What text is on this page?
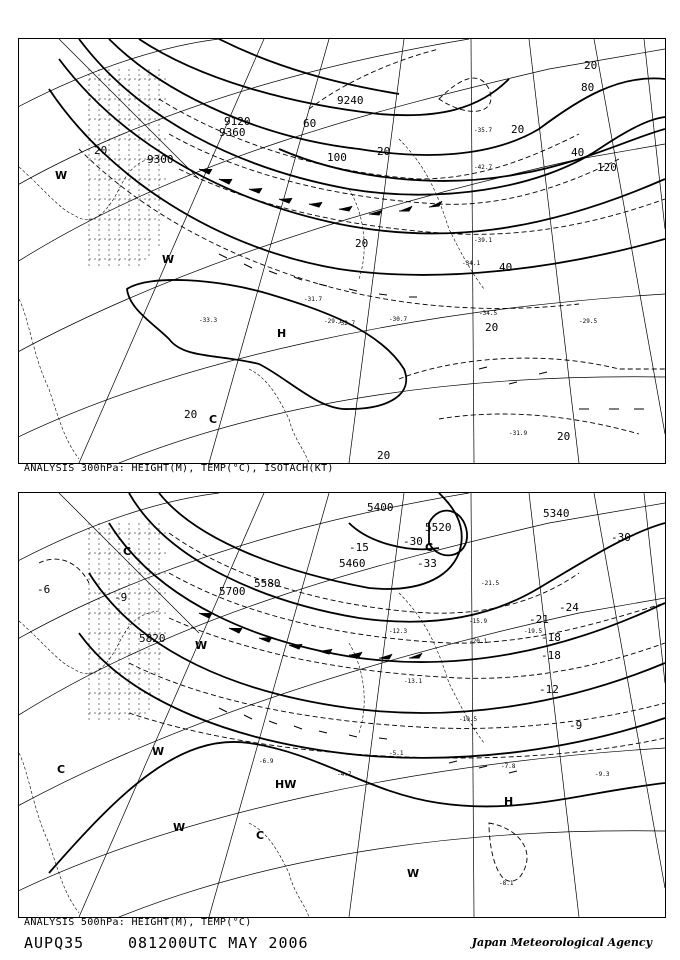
9120
9300
9360
9240
20
20
20
20
20
20
20
20
20
40
40
60
80
100
120
H
W
W
C
-33.3
-35.7
-29.1	-30.7
-34.1
-34.5
-31.7
-32.7
-31.9
-29.5
-39.1
-42.7
ANALYSIS 300hPa: HEIGHT(M), TEMP(°C), ISOTACH(KT)
5400
5460
5520
5580
5700
5820
5340
-6
-9
-9
-12
-15
-18
-18
-21
-24
-30
-30
-33
H
HW
W
W
W
W
C
C
C	C
-7.8
-9.3
-10.5
-12.3
-13.1
-5.1
-4.7
-6.9
-8.1
-15.9
-19.5
-20.1
-21.5
ANALYSIS 500hPa: HEIGHT(M), TEMP(°C)
AUPQ35	081200UTC MAY 2006	Japan Meteorological Agency
